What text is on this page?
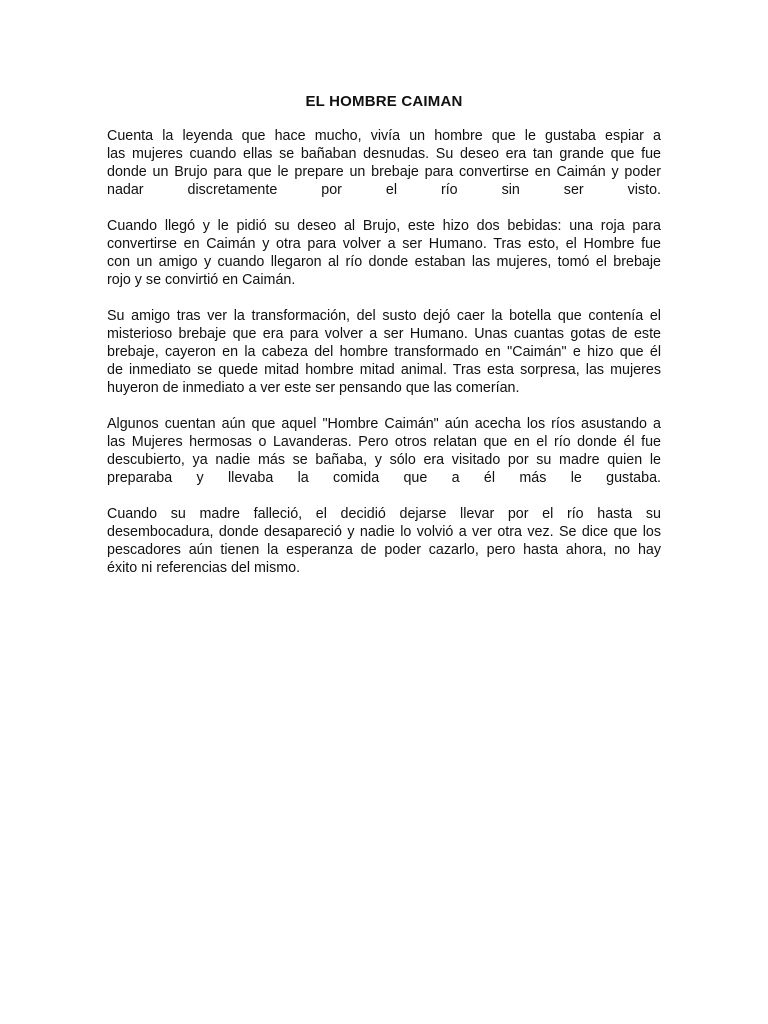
EL HOMBRE CAIMAN

Cuenta la leyenda que hace mucho, vivía un hombre que le gustaba espiar a
las mujeres cuando ellas se bañaban desnudas. Su deseo era tan grande que fue
donde un Brujo para que le prepare un brebaje para convertirse en Caimán y poder
nadar discretamente por el río sin ser visto.

Cuando llegó y le pidió su deseo al Brujo, este hizo dos bebidas: una roja para
convertirse en Caimán y otra para volver a ser Humano. Tras esto, el Hombre fue
con un amigo y cuando llegaron al río donde estaban las mujeres, tomó el brebaje
rojo y se convirtió en Caimán.

Su amigo tras ver la transformación, del susto dejó caer la botella que contenía el
misterioso brebaje que era para volver a ser Humano. Unas cuantas gotas de este
brebaje, cayeron en la cabeza del hombre transformado en "Caimán" e hizo que él
de inmediato se quede mitad hombre mitad animal. Tras esta sorpresa, las mujeres
huyeron de inmediato a ver este ser pensando que las comerían.

Algunos cuentan aún que aquel "Hombre Caimán" aún acecha los ríos asustando a
las Mujeres hermosas o Lavanderas. Pero otros relatan que en el río donde él fue
descubierto, ya nadie más se bañaba, y sólo era visitado por su madre quien le
preparaba y llevaba la comida que a él más le gustaba.

Cuando su madre falleció, el decidió dejarse llevar por el río hasta su
desembocadura, donde desapareció y nadie lo volvió a ver otra vez. Se dice que los
pescadores aún tienen la esperanza de poder cazarlo, pero hasta ahora, no hay
éxito ni referencias del mismo.
